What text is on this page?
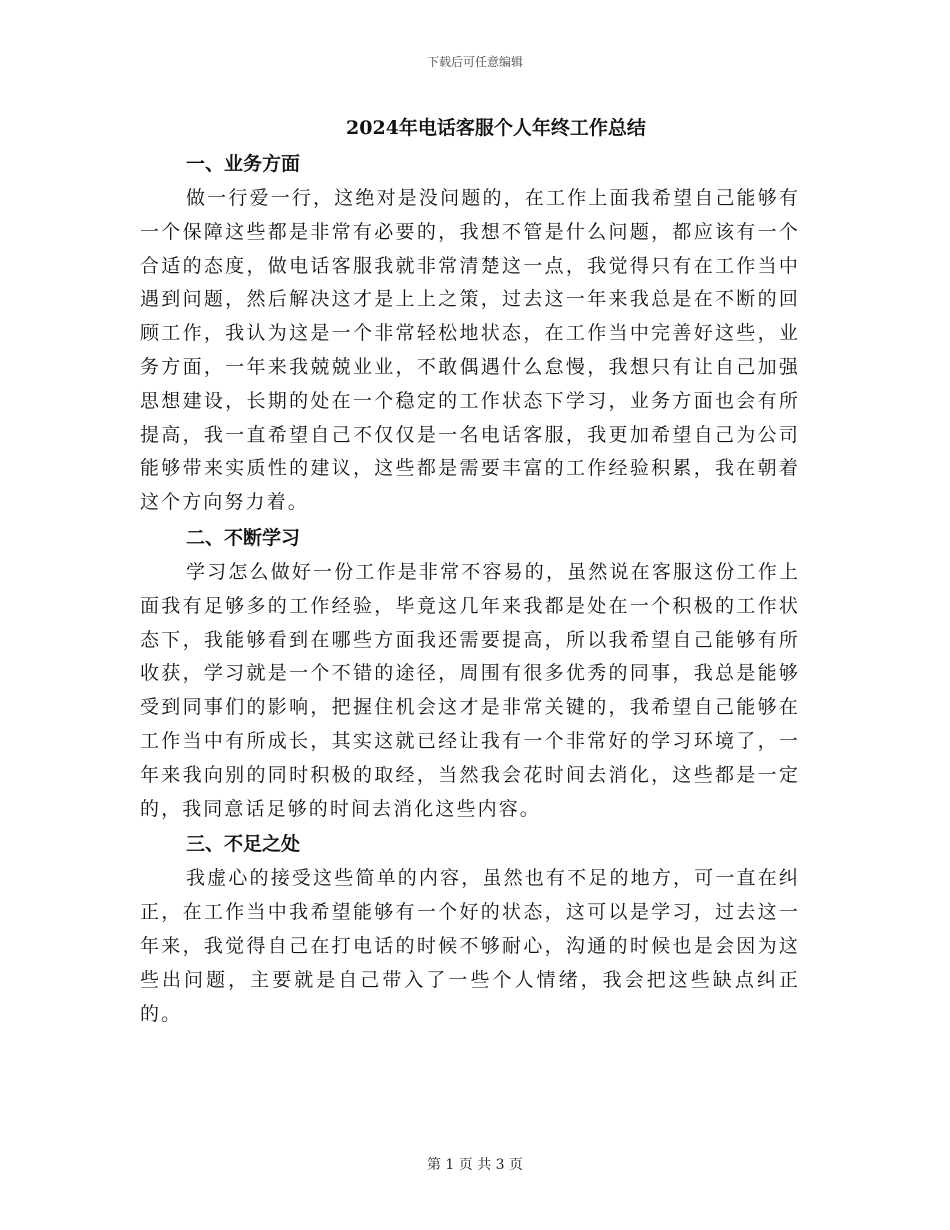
下载后可任意编辑
2024年电话客服个人年终工作总结

一、业务方面

做一行爱一行，这绝对是没问题的，在工作上面我希望自己能够有一个保障这些都是非常有必要的，我想不管是什么问题，都应该有一个合适的态度，做电话客服我就非常清楚这一点，我觉得只有在工作当中遇到问题，然后解决这才是上上之策，过去这一年来我总是在不断的回顾工作，我认为这是一个非常轻松地状态，在工作当中完善好这些，业务方面，一年来我兢兢业业，不敢偶遇什么怠慢，我想只有让自己加强思想建设，长期的处在一个稳定的工作状态下学习，业务方面也会有所提高，我一直希望自己不仅仅是一名电话客服，我更加希望自己为公司能够带来实质性的建议，这些都是需要丰富的工作经验积累，我在朝着这个方向努力着。

二、不断学习

学习怎么做好一份工作是非常不容易的，虽然说在客服这份工作上面我有足够多的工作经验，毕竟这几年来我都是处在一个积极的工作状态下，我能够看到在哪些方面我还需要提高，所以我希望自己能够有所收获，学习就是一个不错的途径，周围有很多优秀的同事，我总是能够受到同事们的影响，把握住机会这才是非常关键的，我希望自己能够在工作当中有所成长，其实这就已经让我有一个非常好的学习环境了，一年来我向别的同时积极的取经，当然我会花时间去消化，这些都是一定的，我同意话足够的时间去消化这些内容。

三、不足之处

我虚心的接受这些简单的内容，虽然也有不足的地方，可一直在纠正，在工作当中我希望能够有一个好的状态，这可以是学习，过去这一年来，我觉得自己在打电话的时候不够耐心，沟通的时候也是会因为这些出问题，主要就是自己带入了一些个人情绪，我会把这些缺点纠正的。

第 1 页 共 3 页
